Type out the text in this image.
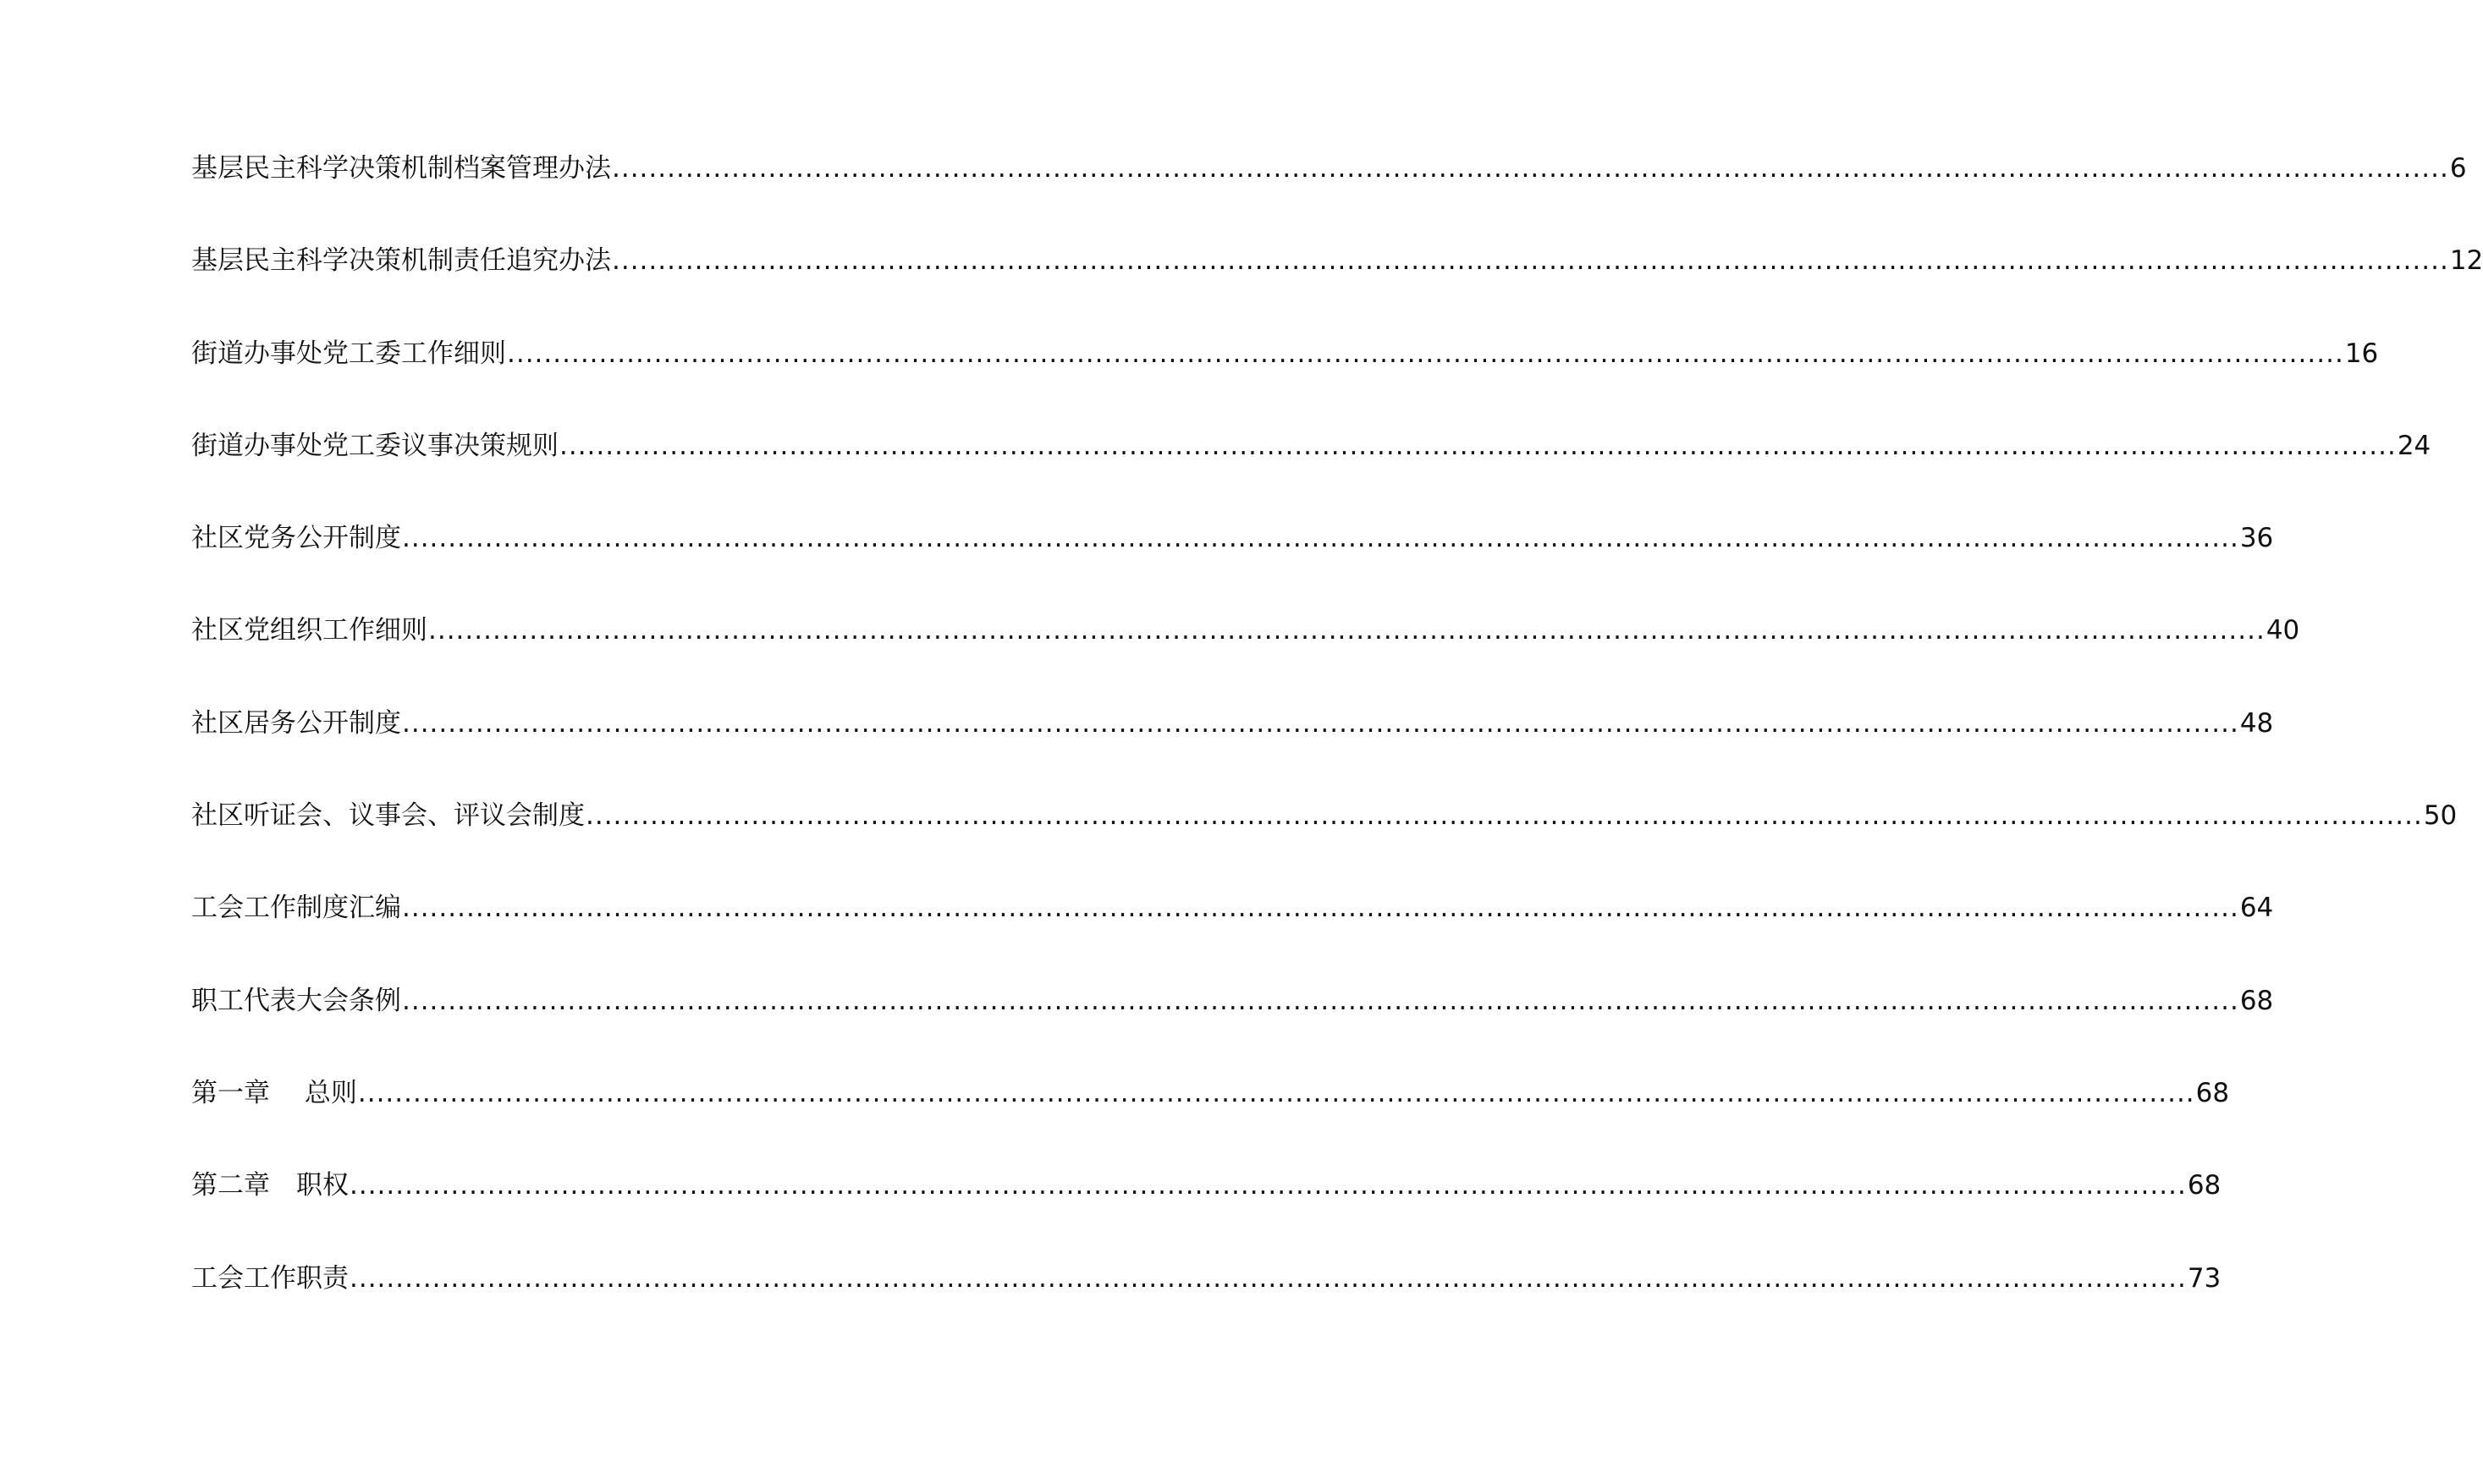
基层民主科学决策机制档案管理办法 ........................................................................................................................................................................................................ 6
基层民主科学决策机制责任追究办法 ........................................................................................................................................................................................................ 12
街道办事处党工委工作细则 ........................................................................................................................................................................................................ 16
街道办事处党工委议事决策规则 ........................................................................................................................................................................................................ 24
社区党务公开制度 ........................................................................................................................................................................................................ 36
社区党组织工作细则 ........................................................................................................................................................................................................ 40
社区居务公开制度 ........................................................................................................................................................................................................ 48
社区听证会、议事会、评议会制度 ........................................................................................................................................................................................................ 50
工会工作制度汇编 ........................................................................................................................................................................................................ 64
职工代表大会条例 ........................................................................................................................................................................................................ 68
第一章　 总则 ........................................................................................................................................................................................................ 68
第二章　职权 ........................................................................................................................................................................................................ 68
工会工作职责 ........................................................................................................................................................................................................ 73
